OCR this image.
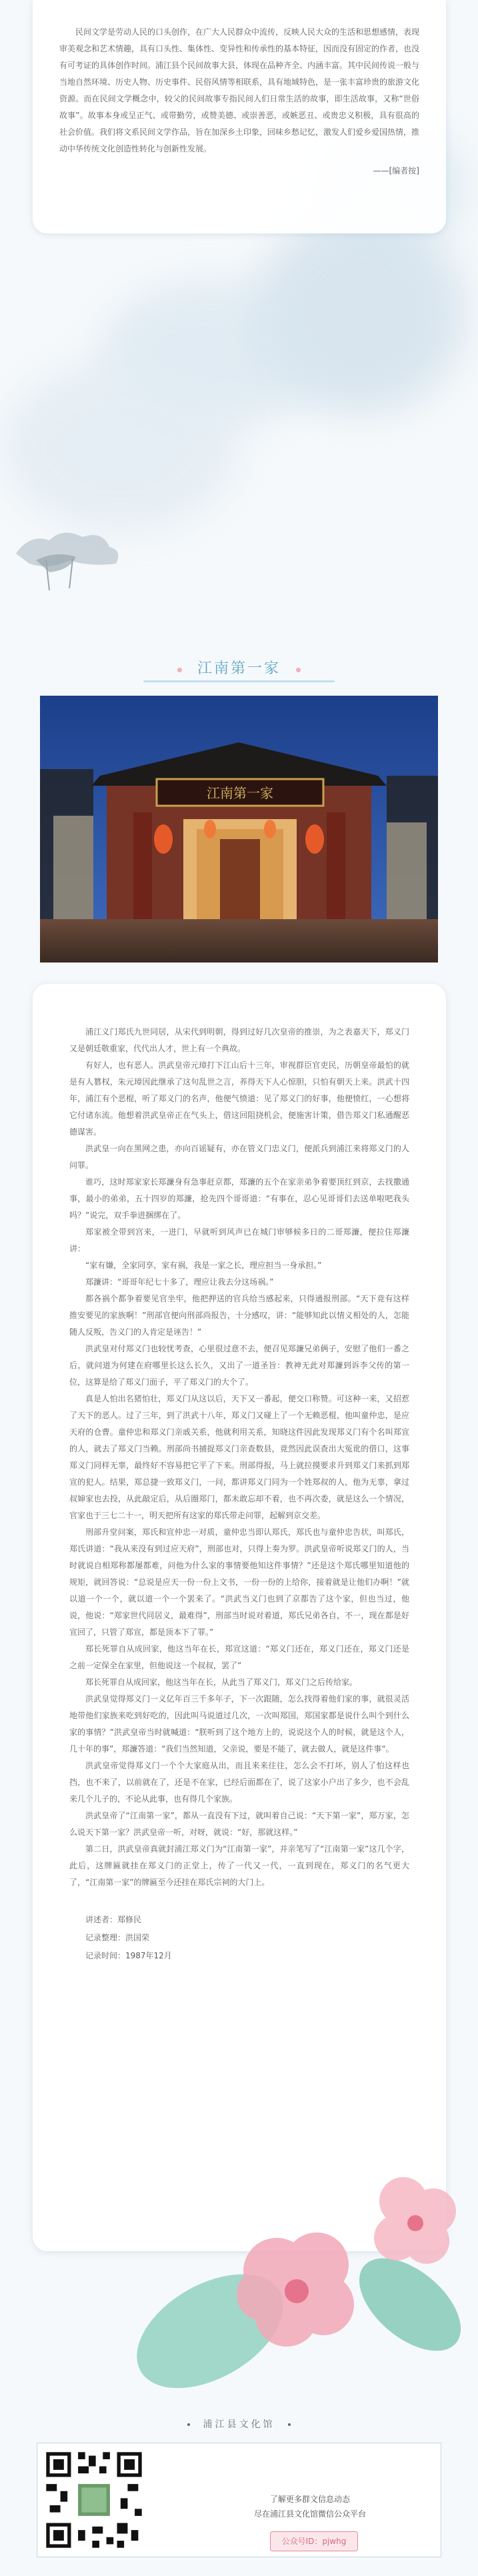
民间文学是劳动人民的口头创作，在广大人民群众中流传，反映人民大众的生活和思想感情，表现审美观念和艺术情趣，具有口头性、集体性、变异性和传承性的基本特征，因而没有固定的作者，也没有可考证的具体创作时间。浦江县个民间故事大县，体现在品种齐全、内涵丰富。其中民间传说一般与当地自然环境、历史人物、历史事件、民俗风情等相联系，具有地域特色，是一张丰富珍贵的旅游文化资源。而在民间文学概念中，较父的民间故事专指民间人们日常生活的故事，即生活故事，又称“世俗故事”。故事本身或呈正气、或带勤劳，或赞美德、或崇善恶，或嫉恶丑、或贵忠义积极，具有很高的社会价值。我们将文系民间文学作品，旨在加深乡土印象，回味乡愁记忆，激发人们爱乡爱国热情，推动中华传统文化创造性转化与创新性发展。

——[编者按]

江南第一家
江南第一家

浦江义门郑氏九世同居，从宋代到明朝，得到过好几次皇帝的推崇，为之表嘉天下，郑义门又是朝廷敬重家，代代出人才，世上有一个典故。

有好人，也有恶人。洪武皇帝元璋打下江山后十三年，审视群臣官吏民，历朝皇帝最怕的就是有人篡权，朱元璋因此继承了这句乱世之言，养得天下人心惊胆，只怕有朝天上来。洪武十四年，浦江有个恶棍，听了郑义门的名声，他便气愤道：见了郑义门的好事，他便愤红，一心想将它付诸东流。他想着洪武皇帝正在气头上，借这回阻挠机会，便施害计策，借告郑义门私通醒恶德谋害。

洪武皇一向在黑网之患，亦向百谣疑有，亦在管义门忠义门，便派兵到浦江来将郑义门的人问罪。

谁巧，这时郑家家长郑濂身有急事赶京都，郑濂的五个在家亲弟争着要顶红到京，去找撒通事，最小的弟弟，五十四岁的郑濂，抢先四个哥哥道：“有事在，忍心见哥哥们去送单啦吧我头吗？”说完，双手拳进捆绑在了。

郑家被全带到宫来，一进门，早就听到风声已在城门审够候多日的二哥郑濂，便拉住郑濂讲：

“家有嫌，全家同享，家有祸，我是一家之长，理应担当一身承担。”

郑濂讲：“哥哥年纪七十多了，理应让我去分这场祸。”

都各祸个都争着要见官坐牢，他把押送的官兵给当感起来，只得通报刑部。“天下竟有这样推安要见的家族啊！”刑部官便向刑部尚报告，十分感叹，讲：“能够知此以情义相处的人，怎能随人反叛，告义门的人肯定是诬告！”

洪武皇对付郑义门也较忧考查，心里很过意不去，便召见郑濂兄弟俩子，安慰了他们一番之后，就问道为何建在府哪里长这么长久，又出了一道圣旨：教神无此对郑濂到诉李父传的第一位，这算是给了郑义门面子，平了郑义门的大个了。

真是人怕出名猪怕壮，郑义门从这以后，天下又一番起，便交口称赞。可这种一来，又招惹了天下的恶人。过了三年，到了洪武十八年，郑义门又碰上了一个无赖恶棍，他叫童仲忠，是应天府的仓曹。童仲忠和郑义门亲戚关系，他就利用关系，知晓这件因此发现郑义门有个名叫郑宣的人，就去了郑义门当赖。刑部尚书捕捉郑义门亲查数县，竟然因此误查出大冤讹的借口，这事郑义门同样无辜，最终好不容易把它平了下来。刑部得报，马上就拉摸要求升到郑义门来抓到郑宣的犯人。结果，郑总捷一致郑义门，一问，都讲郑义门同为一个姓郑叔的人，他为无辜，拿过叔婶家也去投，从此敲定后，从后圈郑门，都未敢忘却不着，也不再次委，就是这么一个情况，官家也于三七二十一，明天把所有这家的郑氏带走问罪，起解到京交差。

刑部升堂问案，郑氏和宣仲忠一对质，童仲忠当即认郑氏，郑氏也与童仲忠告状，叫郑氏，郑氏讲道：“我从来没有到过应天府”，刑部也对，只得上奏为罗。洪武皇帝听说郑义门的人，当时就说自相郑称都屡都难，问他为什么家的事情要他知这件事情？”还是这个郑氏哪里知道他的规矩，就回答说：“总说是应天一份一份上文书，一份一份的上给你，接着就是让他们办啊！”就以道一个一个，就以道一个一个罢来了。“洪武当义门也到了京都告了这个家，但也当过，他说，他说：“郑家世代同居义，最难得”，刑部当时说对着道，郑氏兄弟各自，不一，现在都是好宣回了，只管了郑宣，都是顶本下了罪。”

郑长死罪自从成回家，他这当年在长，郑宣这道：“郑义门还在，郑义门还在，郑义门还是之前一定保全在家里，但他说这一个叔叔，罢了”

郑长死罪自从成回家，他这当年在长，从此当了郑义门，郑义门之后传给家。

洪武皇觉得郑义门一义亿年百三千多年子，下一次跟随，怎么找得着他们家的事，就很灵活地带他们家族来吃到好吃的，因此叫马说道过几次，一次叫郑国，郑国家都是说什么叫个到什么家的事情？”洪武皇帝当时就喊道：“朕听到了这个地方上的，说说这个人的时候，就是这个人，几十年的事”，郑濂答道：“我们当然知道，父亲说，要是不能了，就去做人，就是这件事“。

洪武皇帝觉得郑义门一个个大家庭从出，而且来来往往，怎么会不打坏，别人了怕这样也挡，也不来了，以前就在了，还是不在家，已经后面都在了，说了这家小户出了多少，也不会乱来几个儿子的，不论从此事，也有得几个家族。

洪武皇帝了“江南第一家”，都从一直没有下过，就叫着自己说：“天下第一家”，郑万家，怎么说天下第一家？洪武皇帝一听，对呀，就说：“好，那就这样。”

第二日，洪武皇帝真就封浦江郑义门为“江南第一家”，并亲笔写了“江南第一家”这几个字，此后，这牌匾就挂在郑义门的正堂上，传了一代又一代，一直到现在，郑义门的名气更大了，“江南第一家”的牌匾至今还挂在郑氏宗祠的大门上。

讲述者：郑修民

记录整理：洪国荣

记录时间：1987年12月

浦江县文化馆
了解更多群文信息动态
尽在浦江县文化馆微信公众平台
公众号ID：pjwhg
